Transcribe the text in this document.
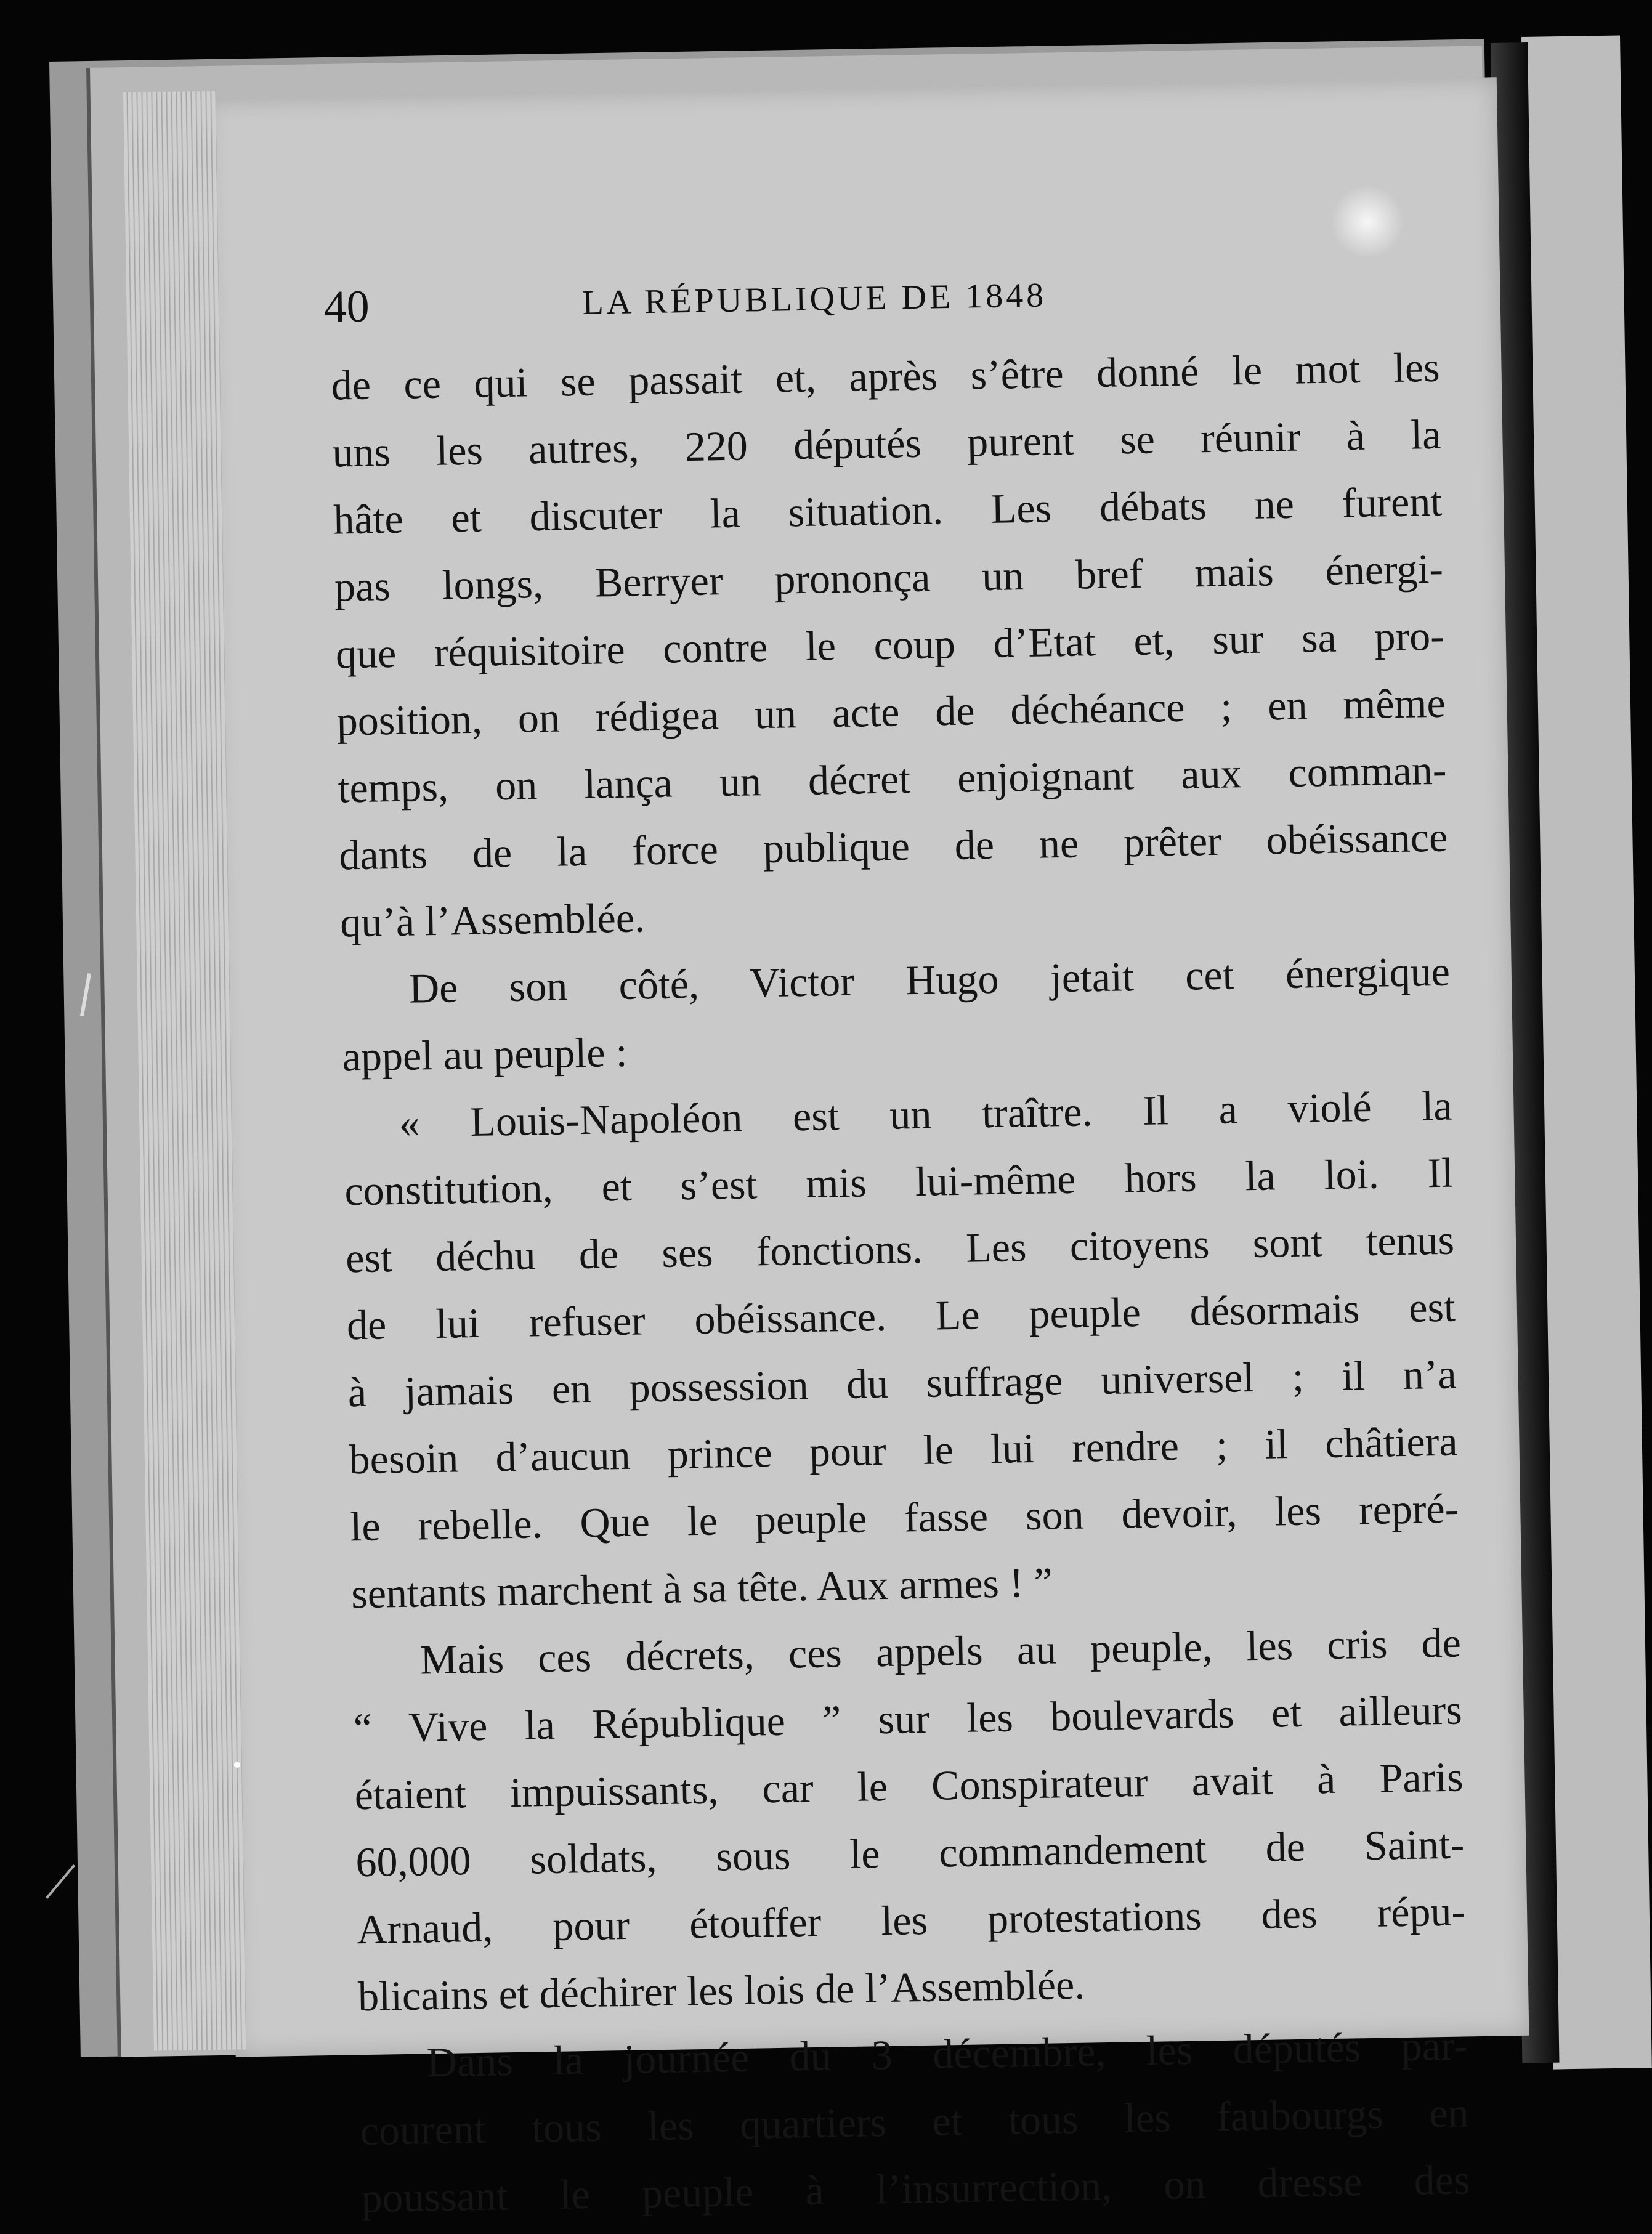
40	LA RÉPUBLIQUE DE 1848
de ce qui se passait et, après s’être donné le mot les
uns les autres, 220 députés purent se réunir à la
hâte et discuter la situation. Les débats ne furent
pas longs, Berryer prononça un bref mais énergi-
que réquisitoire contre le coup d’Etat et, sur sa pro-
position, on rédigea un acte de déchéance ; en même
temps, on lança un décret enjoignant aux comman-
dants de la force publique de ne prêter obéissance
qu’à l’Assemblée.
De son côté, Victor Hugo jetait cet énergique
appel au peuple :
« Louis-Napoléon est un traître. Il a violé la
constitution, et s’est mis lui-même hors la loi. Il
est déchu de ses fonctions. Les citoyens sont tenus
de lui refuser obéissance. Le peuple désormais est
à jamais en possession du suffrage universel ; il n’a
besoin d’aucun prince pour le lui rendre ; il châtiera
le rebelle. Que le peuple fasse son devoir, les repré-
sentants marchent à sa tête. Aux armes ! ”
Mais ces décrets, ces appels au peuple, les cris de
“ Vive la République ” sur les boulevards et ailleurs
étaient impuissants, car le Conspirateur avait à Paris
60,000 soldats, sous le commandement de Saint-
Arnaud, pour étouffer les protestations des répu-
blicains et déchirer les lois de l’Assemblée.
Dans la journée du 3 décembre, les députés par-
courent tous les quartiers et tous les faubourgs en
poussant le peuple à l’insurrection, on dresse des
